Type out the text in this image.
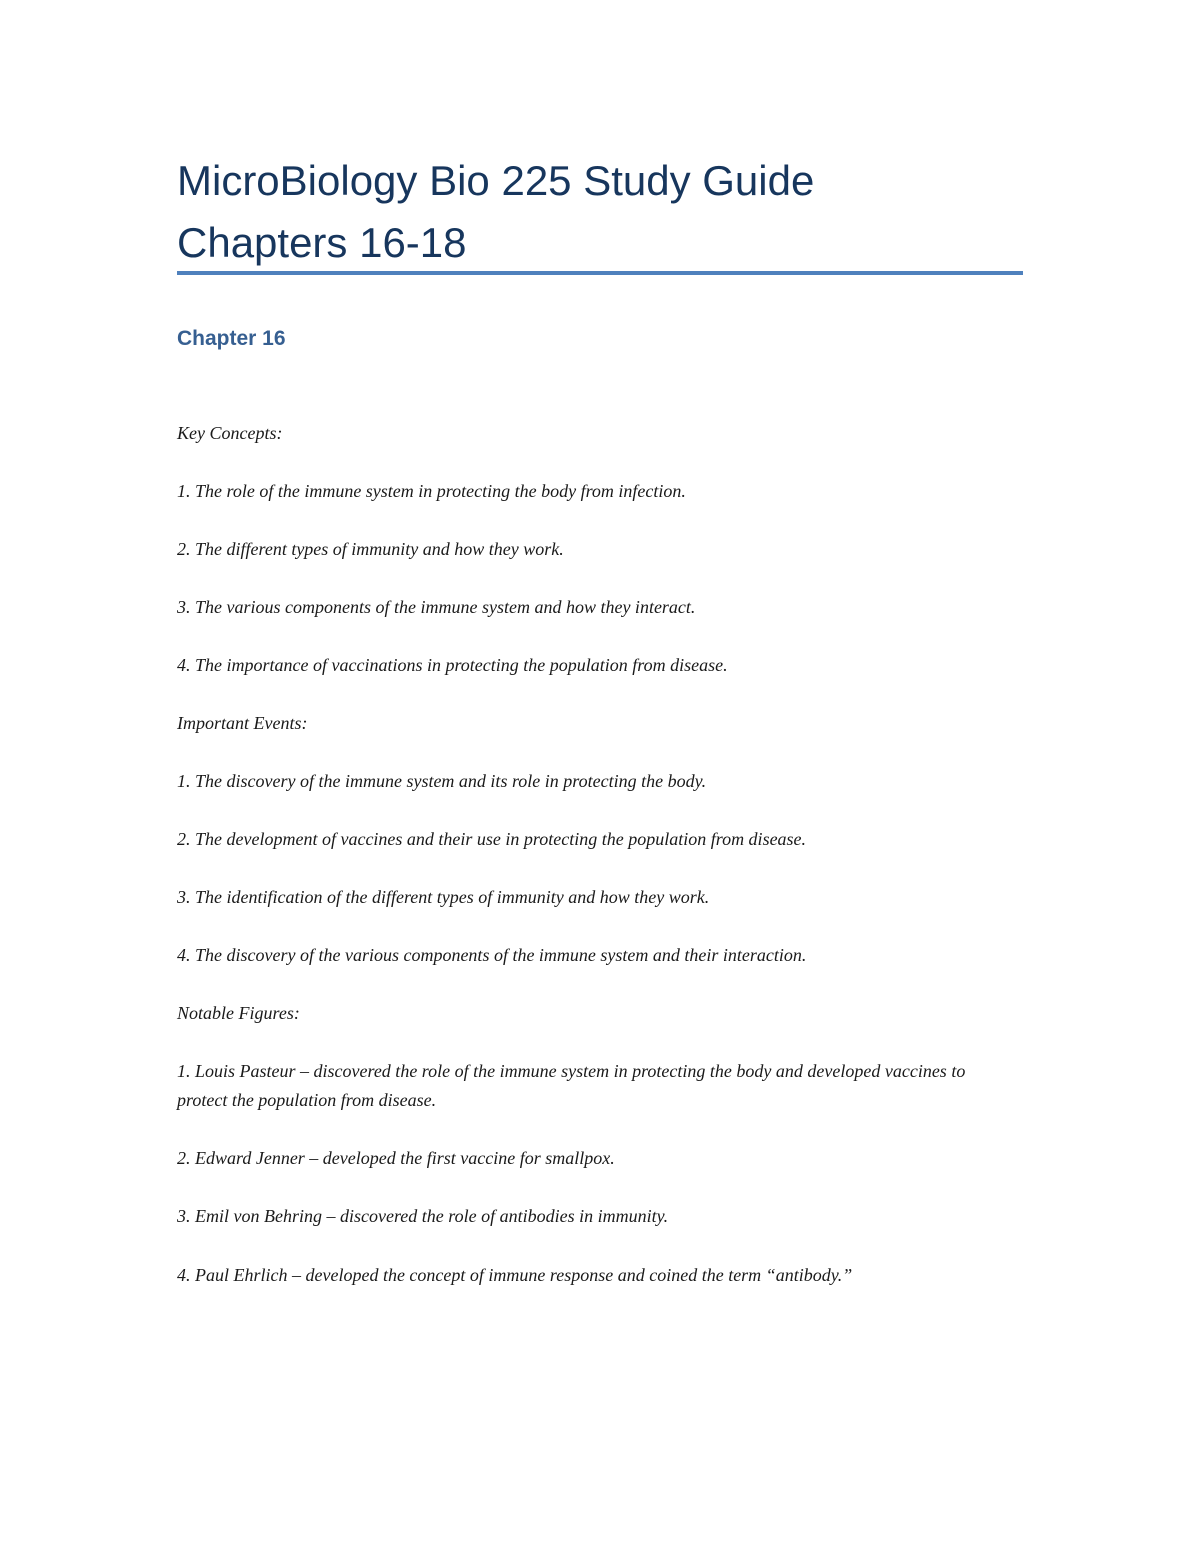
MicroBiology Bio 225 Study Guide
Chapters 16-18
Chapter 16

Key Concepts:

1. The role of the immune system in protecting the body from infection.

2. The different types of immunity and how they work.

3. The various components of the immune system and how they interact.

4. The importance of vaccinations in protecting the population from disease.

Important Events:

1. The discovery of the immune system and its role in protecting the body.

2. The development of vaccines and their use in protecting the population from disease.

3. The identification of the different types of immunity and how they work.

4. The discovery of the various components of the immune system and their interaction.

Notable Figures:

1. Louis Pasteur – discovered the role of the immune system in protecting the body and developed vaccines to protect the population from disease.

2. Edward Jenner – developed the first vaccine for smallpox.

3. Emil von Behring – discovered the role of antibodies in immunity.

4. Paul Ehrlich – developed the concept of immune response and coined the term “antibody.”
